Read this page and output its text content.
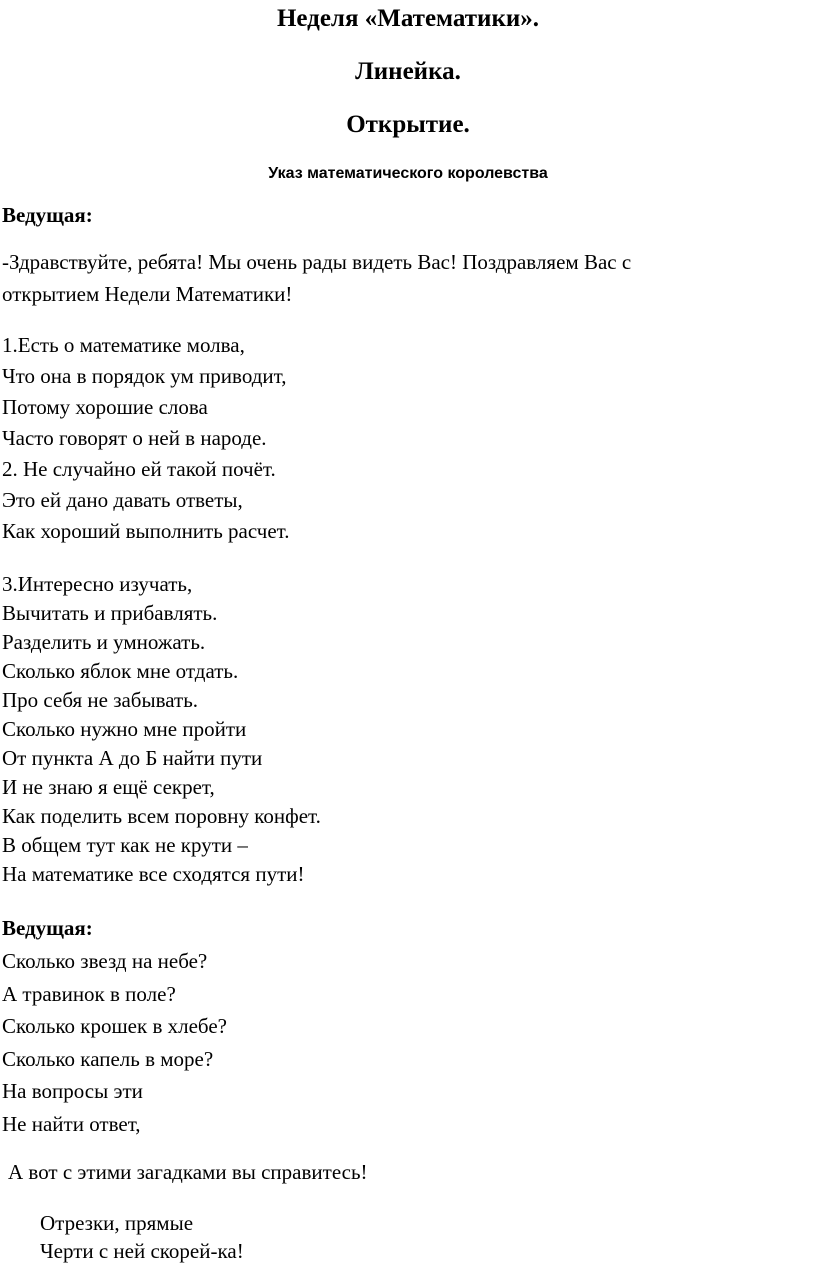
Неделя «Математики».
Линейка.
Открытие.
Указ математического королевства
Ведущая:
-Здравствуйте, ребята! Мы очень рады видеть Вас! Поздравляем Вас с
открытием Недели Математики!
1.Есть о математике молва,
Что она в порядок ум приводит,
Потому хорошие слова
Часто говорят о ней в народе.
2. Не случайно ей такой почёт.
Это ей дано давать ответы,
Как хороший выполнить расчет.
3.Интересно изучать,
Вычитать и прибавлять.
Разделить и умножать.
Сколько яблок мне отдать.
Про себя не забывать.
Сколько нужно мне пройти
От пункта А до Б найти пути
И не знаю я ещё секрет,
Как поделить всем поровну конфет.
В общем тут как не крути –
На математике все сходятся пути!
Ведущая:
Сколько звезд на небе?
А травинок в поле?
Сколько крошек в хлебе?
Сколько капель в море?
На вопросы эти
Не найти ответ,
А вот с этими загадками вы справитесь!
Отрезки, прямые
Черти с ней скорей-ка!
